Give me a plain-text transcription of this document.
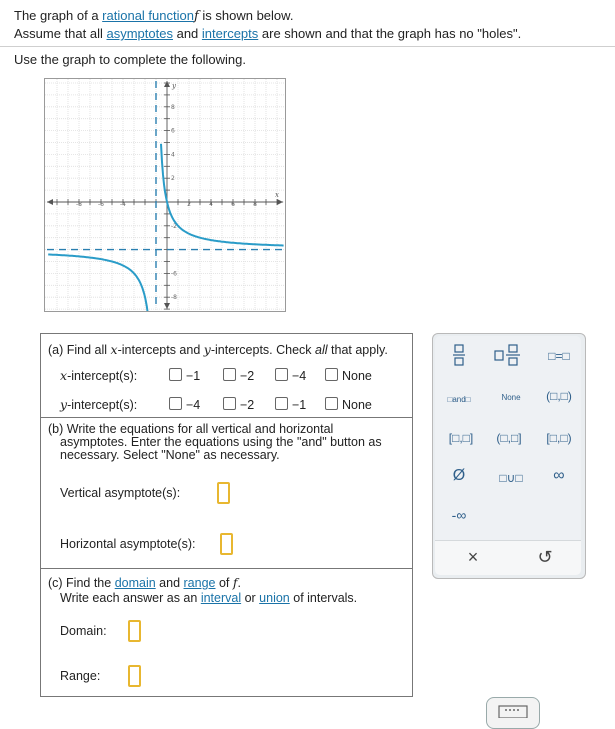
The graph of a rational functionf is shown below.
Assume that all asymptotes and intercepts are shown and that the graph has no "holes".
Use the graph to complete the following.
-8	-6	-4	2	4	6	8
8
6
4
2
-2
-6
-8
x
y
(a) Find all x-intercepts and y-intercepts. Check all that apply.
x-intercept(s):	−1	−2	−4	None
y-intercept(s):	−4	−2	−1	None
(b) Write the equations for all vertical and horizontal
asymptotes. Enter the equations using the "and" button as
necessary. Select "None" as necessary.
Vertical asymptote(s):
Horizontal asymptote(s):
(c) Find the domain and range of f.
Write each answer as an interval or union of intervals.
Domain:
Range:
□=□
□and□	None	(□,□)
[□,□]	(□,□]	[□,□)
Ø	□∪□	∞
-∞
×	↺
